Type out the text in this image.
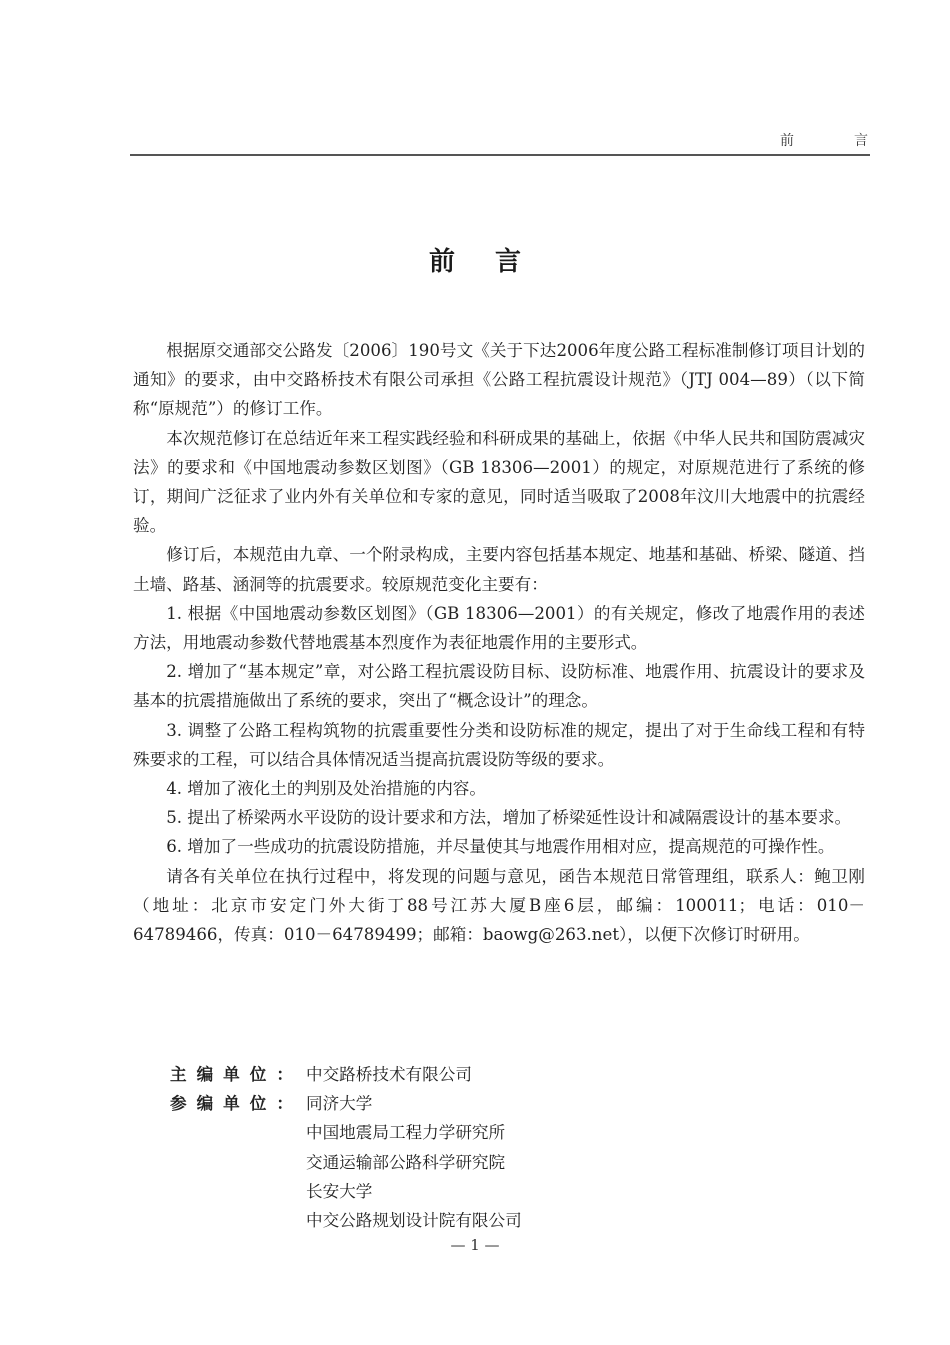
前	言
前言

根据原交通部交公路发〔2006〕190号文《关于下达2006年度公路工程标准制修订项目计划的通知》的要求，由中交路桥技术有限公司承担《公路工程抗震设计规范》（JTJ 004—89）（以下简称“原规范”）的修订工作。

本次规范修订在总结近年来工程实践经验和科研成果的基础上，依据《中华人民共和国防震减灾法》的要求和《中国地震动参数区划图》（GB 18306—2001）的规定，对原规范进行了系统的修订，期间广泛征求了业内外有关单位和专家的意见，同时适当吸取了2008年汶川大地震中的抗震经验。

修订后，本规范由九章、一个附录构成，主要内容包括基本规定、地基和基础、桥梁、隧道、挡土墙、路基、涵洞等的抗震要求。较原规范变化主要有：

1. 根据《中国地震动参数区划图》（GB 18306—2001）的有关规定，修改了地震作用的表述方法，用地震动参数代替地震基本烈度作为表征地震作用的主要形式。

2. 增加了“基本规定”章，对公路工程抗震设防目标、设防标准、地震作用、抗震设计的要求及基本的抗震措施做出了系统的要求，突出了“概念设计”的理念。

3. 调整了公路工程构筑物的抗震重要性分类和设防标准的规定，提出了对于生命线工程和有特殊要求的工程，可以结合具体情况适当提高抗震设防等级的要求。

4. 增加了液化土的判别及处治措施的内容。

5. 提出了桥梁两水平设防的设计要求和方法，增加了桥梁延性设计和减隔震设计的基本要求。

6. 增加了一些成功的抗震设防措施，并尽量使其与地震作用相对应，提高规范的可操作性。

请各有关单位在执行过程中，将发现的问题与意见，函告本规范日常管理组，联系人：鲍卫刚（地址：北京市安定门外大街丁88号江苏大厦B座6层，邮编：100011；电话：010－64789466，传真：010－64789499；邮箱：baowg@263.net），以便下次修订时研用。

主编单位： 中交路桥技术有限公司
参编单位： 同济大学
中国地震局工程力学研究所
交通运输部公路科学研究院
长安大学
中交公路规划设计院有限公司
— 1 —
